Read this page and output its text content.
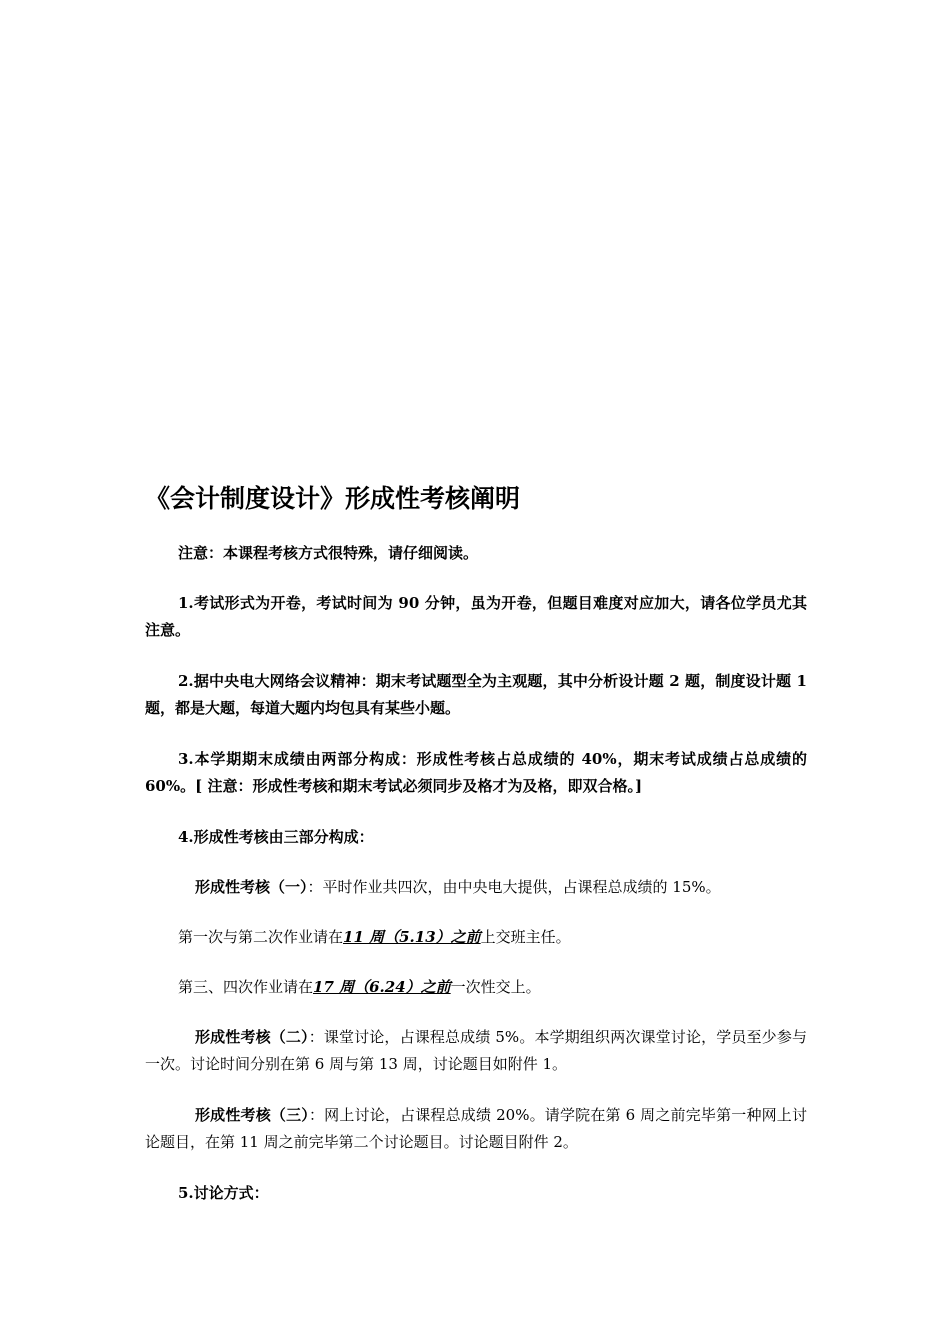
《会计制度设计》形成性考核阐明
注意：本课程考核方式很特殊，请仔细阅读。
1.考试形式为开卷，考试时间为 90 分钟，虽为开卷，但题目难度对应加大，请各位学员尤其注意。
2.据中央电大网络会议精神：期末考试题型全为主观题，其中分析设计题 2 题，制度设计题 1 题，都是大题，每道大题内均包具有某些小题。
3.本学期期末成绩由两部分构成：形成性考核占总成绩的 40%，期末考试成绩占总成绩的 60%。[ 注意：形成性考核和期末考试必须同步及格才为及格，即双合格。]
4.形成性考核由三部分构成：
形成性考核（一）：平时作业共四次，由中央电大提供，占课程总成绩的 15%。
第一次与第二次作业请在11 周（5.13）之前上交班主任。
第三、四次作业请在17 周（6.24）之前一次性交上。
形成性考核（二）：课堂讨论，占课程总成绩 5%。本学期组织两次课堂讨论，学员至少参与一次。讨论时间分别在第 6 周与第 13 周，讨论题目如附件 1。
形成性考核（三）：网上讨论，占课程总成绩 20%。请学院在第 6 周之前完毕第一种网上讨论题目，在第 11 周之前完毕第二个讨论题目。讨论题目附件 2。
5.讨论方式：
